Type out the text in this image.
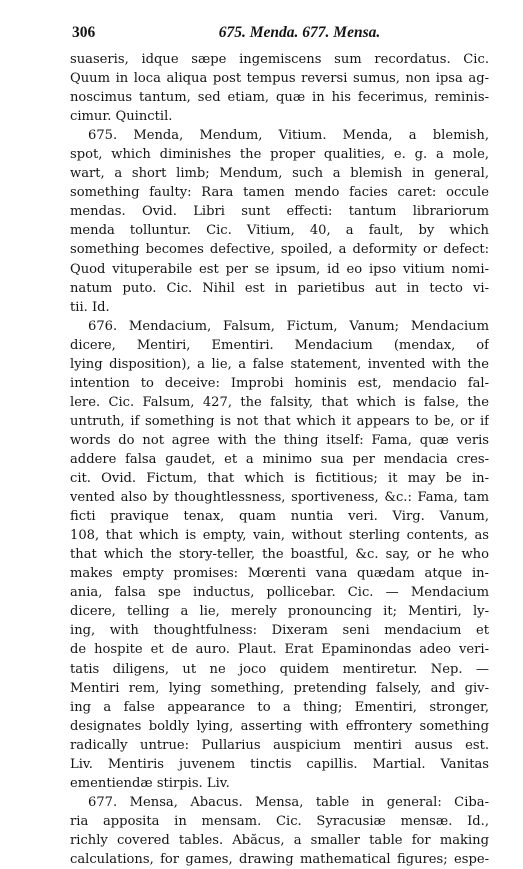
306	675. Menda. 677. Mensa.
suaseris, idque sæpe ingemiscens sum recordatus. Cic.
Quum in loca aliqua post tempus reversi sumus, non ipsa ag-
noscimus tantum, sed etiam, quæ in his fecerimus, reminis-
cimur. Quinctil.
675. Menda, Mendum, Vitium. Menda, a blemish,
spot, which diminishes the proper qualities, e. g. a mole,
wart, a short limb; Mendum, such a blemish in general,
something faulty: Rara tamen mendo facies caret: occule
mendas. Ovid. Libri sunt effecti: tantum librariorum
menda tolluntur. Cic. Vitium, 40, a fault, by which
something becomes defective, spoiled, a deformity or defect:
Quod vituperabile est per se ipsum, id eo ipso vitium nomi-
natum puto. Cic. Nihil est in parietibus aut in tecto vi-
tii. Id.
676. Mendacium, Falsum, Fictum, Vanum; Mendacium
dicere, Mentiri, Ementiri. Mendacium (mendax, of
lying disposition), a lie, a false statement, invented with the
intention to deceive: Improbi hominis est, mendacio fal-
lere. Cic. Falsum, 427, the falsity, that which is false, the
untruth, if something is not that which it appears to be, or if
words do not agree with the thing itself: Fama, quæ veris
addere falsa gaudet, et a minimo sua per mendacia cres-
cit. Ovid. Fictum, that which is fictitious; it may be in-
vented also by thoughtlessness, sportiveness, &c.: Fama, tam
ficti pravique tenax, quam nuntia veri. Virg. Vanum,
108, that which is empty, vain, without sterling contents, as
that which the story-teller, the boastful, &c. say, or he who
makes empty promises: Mœrenti vana quædam atque in-
ania, falsa spe inductus, pollicebar. Cic. — Mendacium
dicere, telling a lie, merely pronouncing it; Mentiri, ly-
ing, with thoughtfulness: Dixeram seni mendacium et
de hospite et de auro. Plaut. Erat Epaminondas adeo veri-
tatis diligens, ut ne joco quidem mentiretur. Nep. —
Mentiri rem, lying something, pretending falsely, and giv-
ing a false appearance to a thing; Ementiri, stronger,
designates boldly lying, asserting with effrontery something
radically untrue: Pullarius auspicium mentiri ausus est.
Liv. Mentiris juvenem tinctis capillis. Martial. Vanitas
ementiendæ stirpis. Liv.
677. Mensa, Abacus. Mensa, table in general: Ciba-
ria apposita in mensam. Cic. Syracusiæ mensæ. Id.,
richly covered tables. Abăcus, a smaller table for making
calculations, for games, drawing mathematical figures; espe-
